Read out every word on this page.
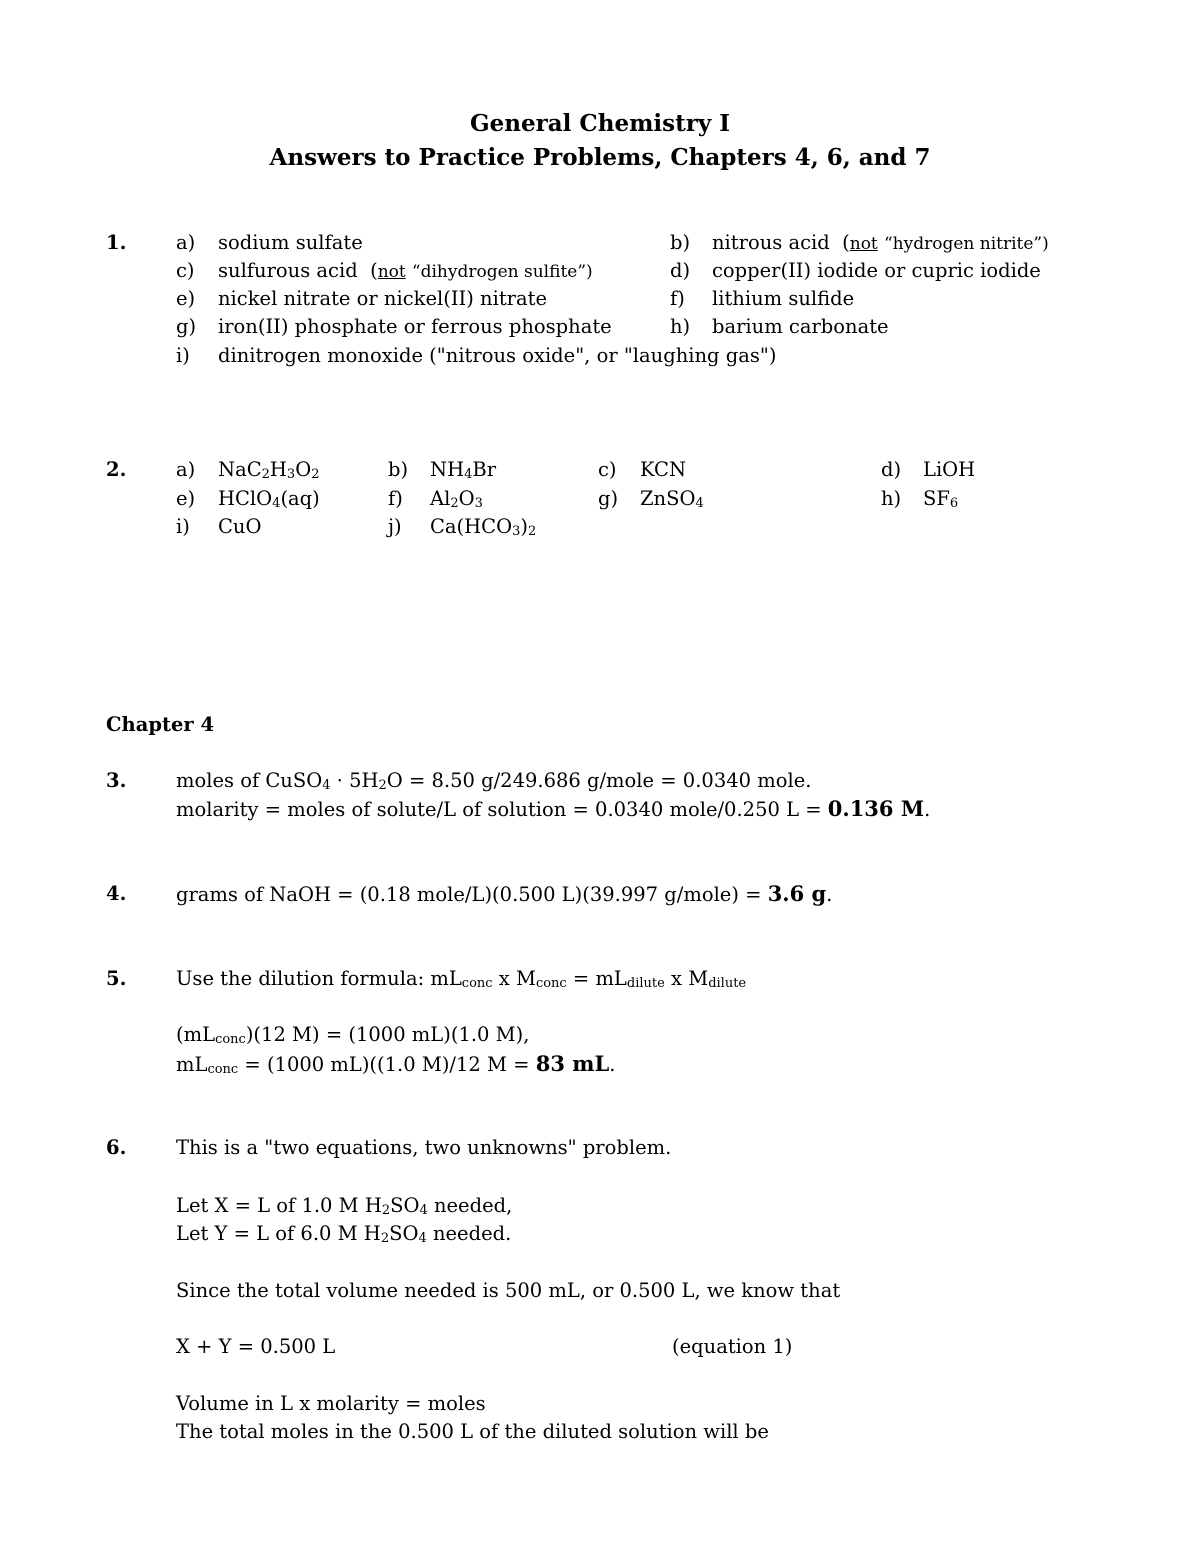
General Chemistry I
Answers to Practice Problems, Chapters 4, 6, and 7
1.	a) sodium sulfate	b) nitrous acid  (not “hydrogen nitrite”)
c) sulfurous acid  (not “dihydrogen sulfite”)	d) copper(II) iodide or cupric iodide
e) nickel nitrate or nickel(II) nitrate	f) lithium sulfide
g) iron(II) phosphate or ferrous phosphate	h) barium carbonate
i) dinitrogen monoxide ("nitrous oxide", or "laughing gas")
2.	a) $NaC_2H_3O_2$	b) $NH_4Br$	c) KCN	d) LiOH
e) HClO$_4$(aq)	f) $Al_2O_3$	g) ZnSO$_4$	h) $SF_6$
i) CuO	j) $Ca(HCO_3)_2$
Chapter 4
3.	moles of CuSO$_4$ · $5H_2O = 8.50$ g/249.686 g/mole = 0.0340 mole.
molarity = moles of solute/L of solution = 0.0340 mole/0.250 L = 0.136 M.
4.	grams of NaOH = (0.18 mole/L)(0.500 L)(39.997 g/mole) = 3.6 g.
5.	Use the dilution formula: $mL_{conc}$ x $M_{conc} = mL_{dilute}$ x $M_{dilute}$
$(mL_{conc})(12$ M) = (1000 mL)(1.0 M),
$mL_{conc} = (1000$ mL)((1.0 M)/12 M = 83 mL.
6.	This is a "two equations, two unknowns" problem.
Let X = L of 1.0 M $H_2SO_4$ needed,
Let Y = L of 6.0 M $H_2SO_4$ needed.
Since the total volume needed is 500 mL, or 0.500 L, we know that
X + Y = 0.500 L	(equation 1)
Volume in L x molarity = moles
The total moles in the 0.500 L of the diluted solution will be
